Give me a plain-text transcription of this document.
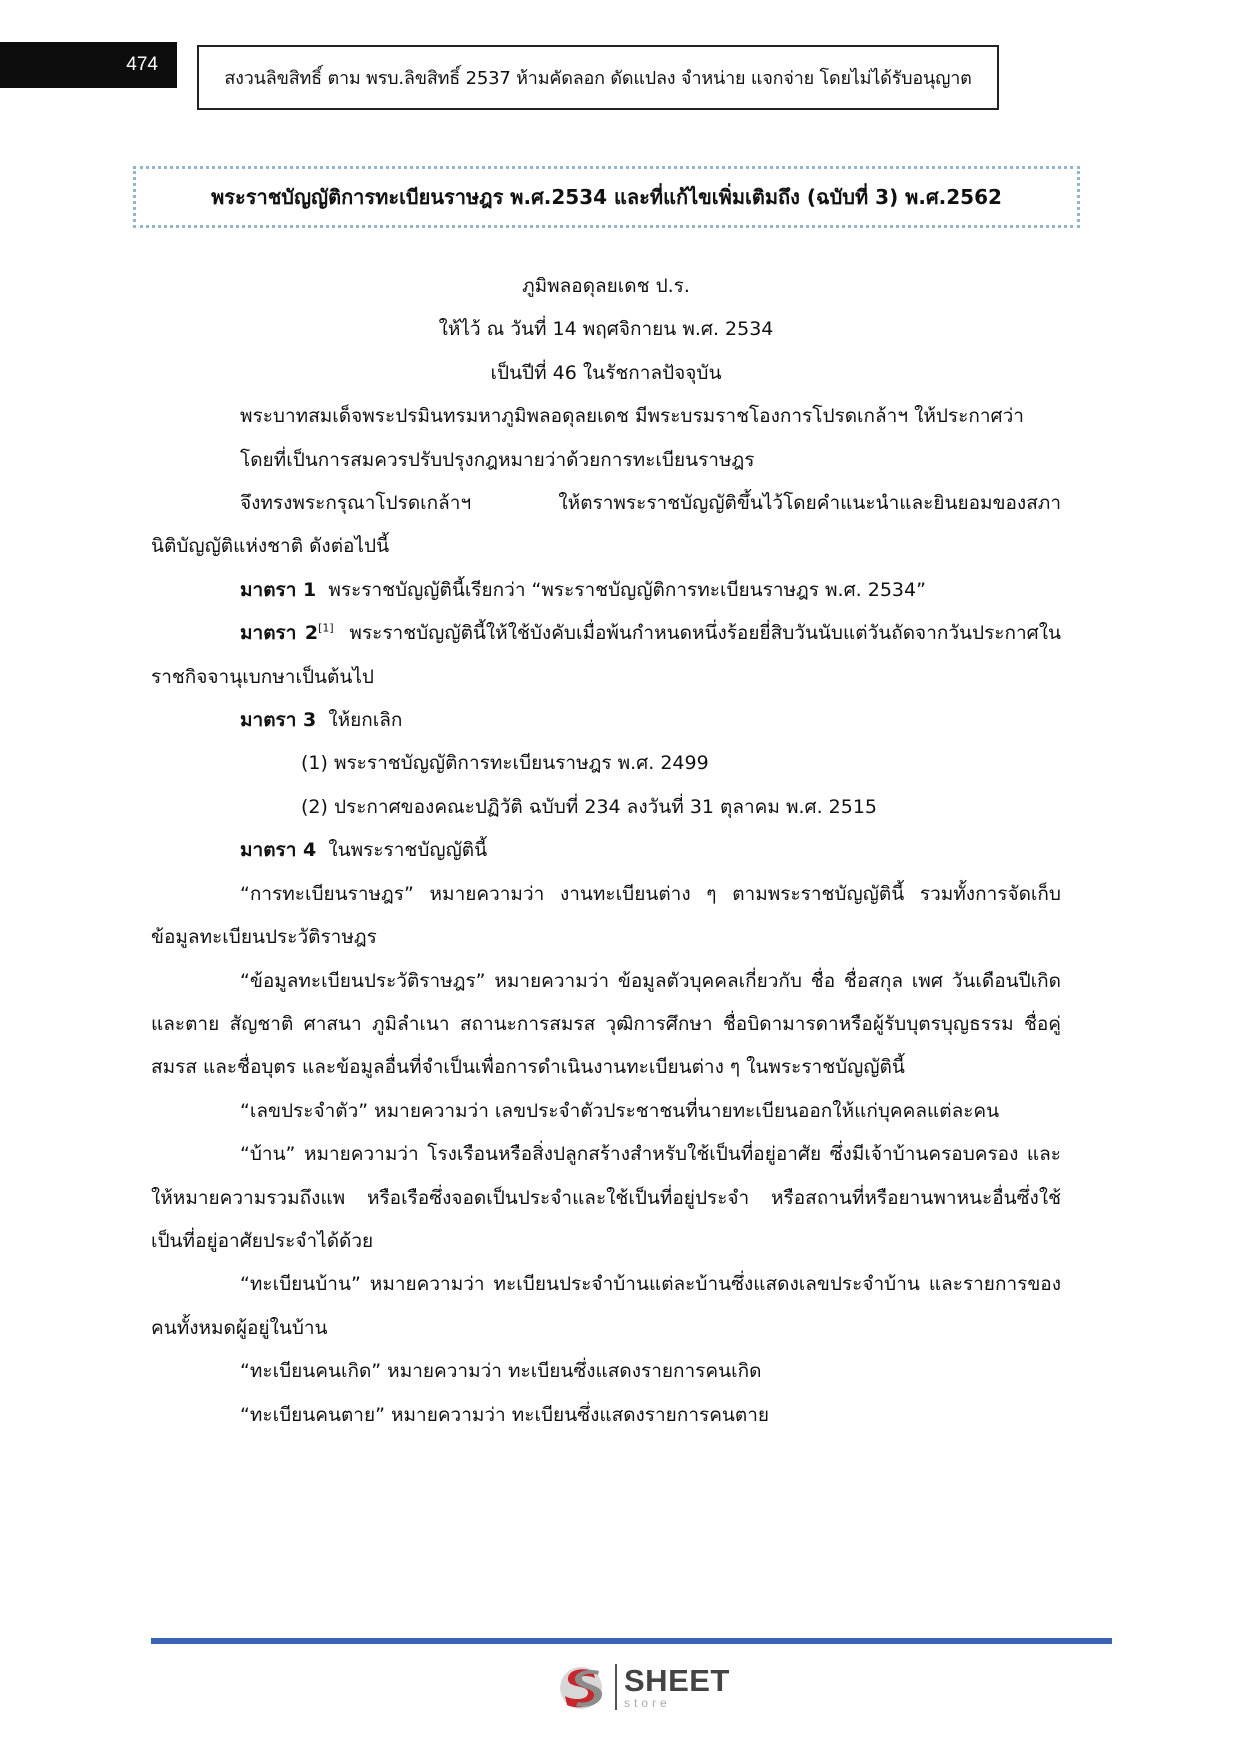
474
สงวนลิขสิทธิ์ ตาม พรบ.ลิขสิทธิ์ 2537 ห้ามคัดลอก ดัดแปลง จำหน่าย แจกจ่าย โดยไม่ได้รับอนุญาต
พระราชบัญญัติการทะเบียนราษฎร พ.ศ.2534 และที่แก้ไขเพิ่มเติมถึง (ฉบับที่ 3) พ.ศ.2562
ภูมิพลอดุลยเดช ป.ร.
ให้ไว้ ณ วันที่ 14 พฤศจิกายน พ.ศ. 2534
เป็นปีที่ 46 ในรัชกาลปัจจุบัน
พระบาทสมเด็จพระปรมินทรมหาภูมิพลอดุลยเดช มีพระบรมราชโองการโปรดเกล้าฯ ให้ประกาศว่า
โดยที่เป็นการสมควรปรับปรุงกฎหมายว่าด้วยการทะเบียนราษฎร
จึงทรงพระกรุณาโปรดเกล้าฯ ให้ตราพระราชบัญญัติขึ้นไว้โดยคำแนะนำและยินยอมของสภานิติบัญญัติแห่งชาติ ดังต่อไปนี้
มาตรา 1 พระราชบัญญัตินี้เรียกว่า “พระราชบัญญัติการทะเบียนราษฎร พ.ศ. 2534”
มาตรา 2[1] พระราชบัญญัตินี้ให้ใช้บังคับเมื่อพ้นกำหนดหนึ่งร้อยยี่สิบวันนับแต่วันถัดจากวันประกาศในราชกิจจานุเบกษาเป็นต้นไป
มาตรา 3 ให้ยกเลิก
(1) พระราชบัญญัติการทะเบียนราษฎร พ.ศ. 2499
(2) ประกาศของคณะปฏิวัติ ฉบับที่ 234 ลงวันที่ 31 ตุลาคม พ.ศ. 2515
มาตรา 4 ในพระราชบัญญัตินี้
“การทะเบียนราษฎร” หมายความว่า งานทะเบียนต่าง ๆ ตามพระราชบัญญัตินี้ รวมทั้งการจัดเก็บข้อมูลทะเบียนประวัติราษฎร
“ข้อมูลทะเบียนประวัติราษฎร” หมายความว่า ข้อมูลตัวบุคคลเกี่ยวกับ ชื่อ ชื่อสกุล เพศ วันเดือนปีเกิดและตาย สัญชาติ ศาสนา ภูมิลำเนา สถานะการสมรส วุฒิการศึกษา ชื่อบิดามารดาหรือผู้รับบุตรบุญธรรม ชื่อคู่สมรส และชื่อบุตร และข้อมูลอื่นที่จำเป็นเพื่อการดำเนินงานทะเบียนต่าง ๆ ในพระราชบัญญัตินี้
“เลขประจำตัว” หมายความว่า เลขประจำตัวประชาชนที่นายทะเบียนออกให้แก่บุคคลแต่ละคน
“บ้าน” หมายความว่า โรงเรือนหรือสิ่งปลูกสร้างสำหรับใช้เป็นที่อยู่อาศัย ซึ่งมีเจ้าบ้านครอบครอง และให้หมายความรวมถึงแพ หรือเรือซึ่งจอดเป็นประจำและใช้เป็นที่อยู่ประจำ หรือสถานที่หรือยานพาหนะอื่นซึ่งใช้เป็นที่อยู่อาศัยประจำได้ด้วย
“ทะเบียนบ้าน” หมายความว่า ทะเบียนประจำบ้านแต่ละบ้านซึ่งแสดงเลขประจำบ้าน และรายการของคนทั้งหมดผู้อยู่ในบ้าน
“ทะเบียนคนเกิด” หมายความว่า ทะเบียนซึ่งแสดงรายการคนเกิด
“ทะเบียนคนตาย” หมายความว่า ทะเบียนซึ่งแสดงรายการคนตาย
SHEET
store
